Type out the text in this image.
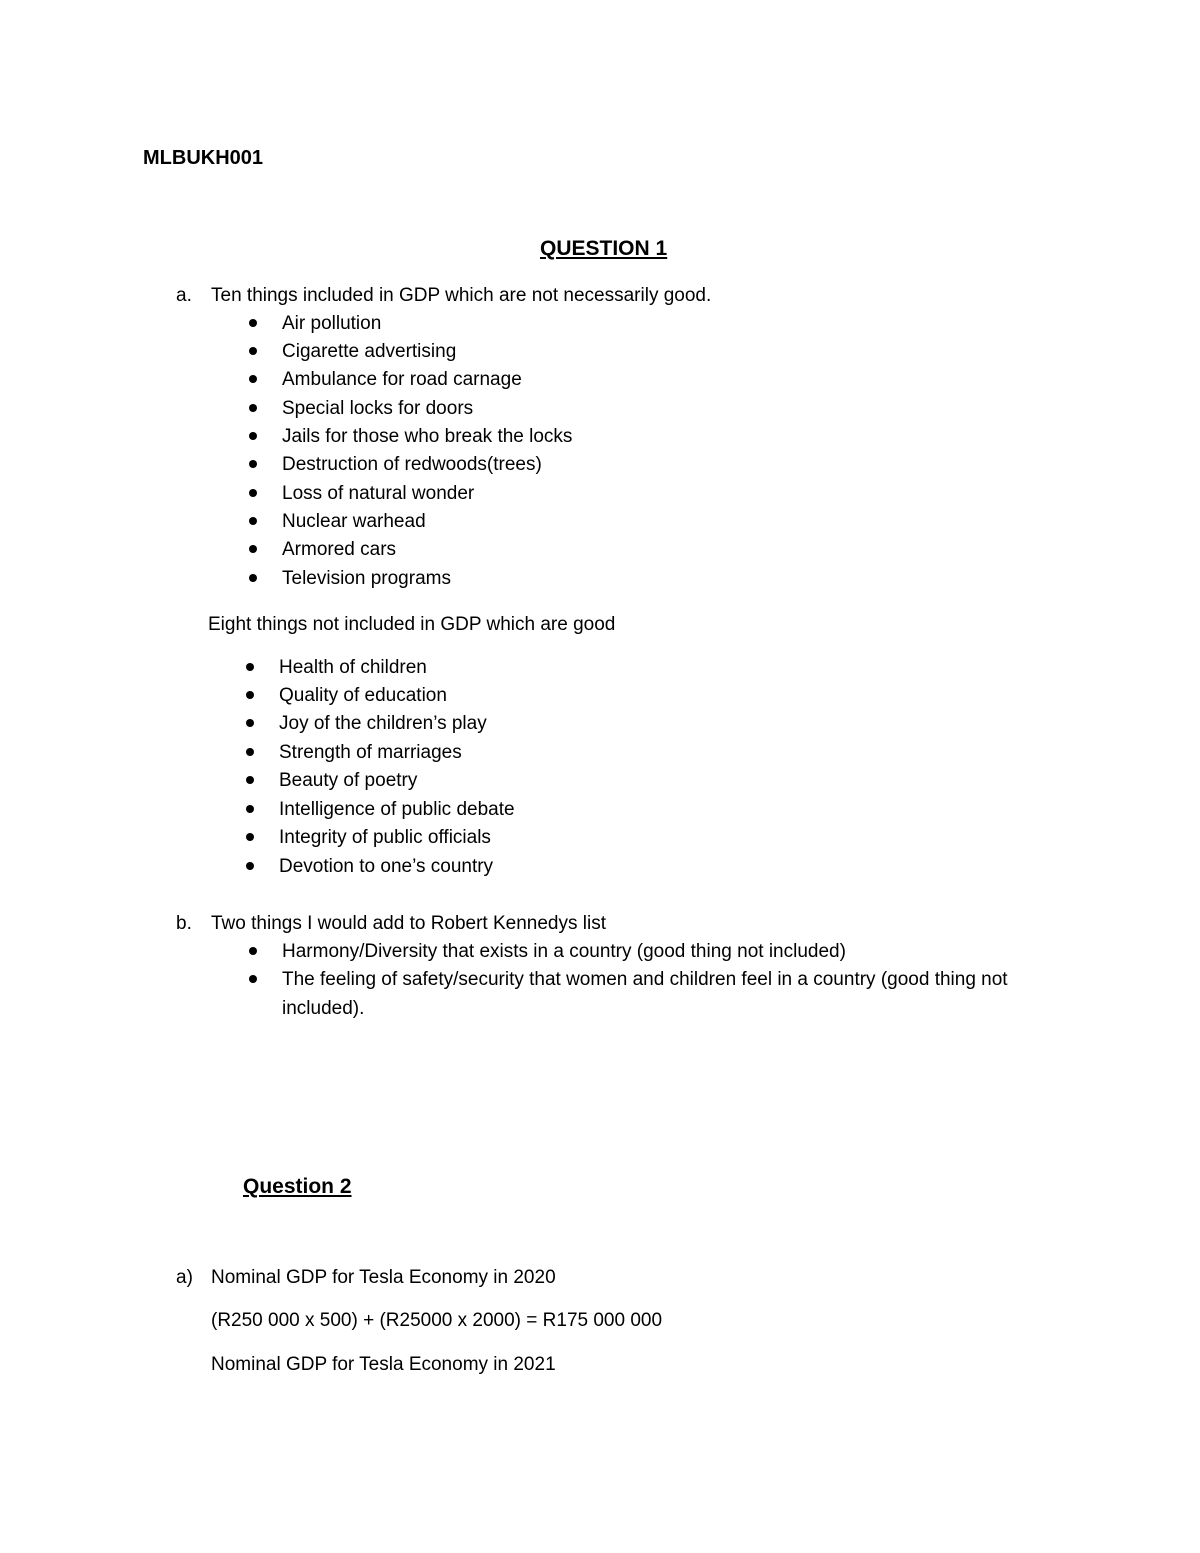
MLBUKH001
QUESTION 1
a. Ten things included in GDP which are not necessarily good.
Air pollution
Cigarette advertising
Ambulance for road carnage
Special locks for doors
Jails for those who break the locks
Destruction of redwoods(trees)
Loss of natural wonder
Nuclear warhead
Armored cars
Television programs
Eight things not included in GDP which are good
Health of children
Quality of education
Joy of the children’s play
Strength of marriages
Beauty of poetry
Intelligence of public debate
Integrity of public officials
Devotion to one’s country
b. Two things I would add to Robert Kennedys list
Harmony/Diversity that exists in a country (good thing not included)
The feeling of safety/security that women and children feel in a country (good thing not
included).
Question 2
a) Nominal GDP for Tesla Economy in 2020
(R250 000 x 500) + (R25000 x 2000) = R175 000 000
Nominal GDP for Tesla Economy in 2021
